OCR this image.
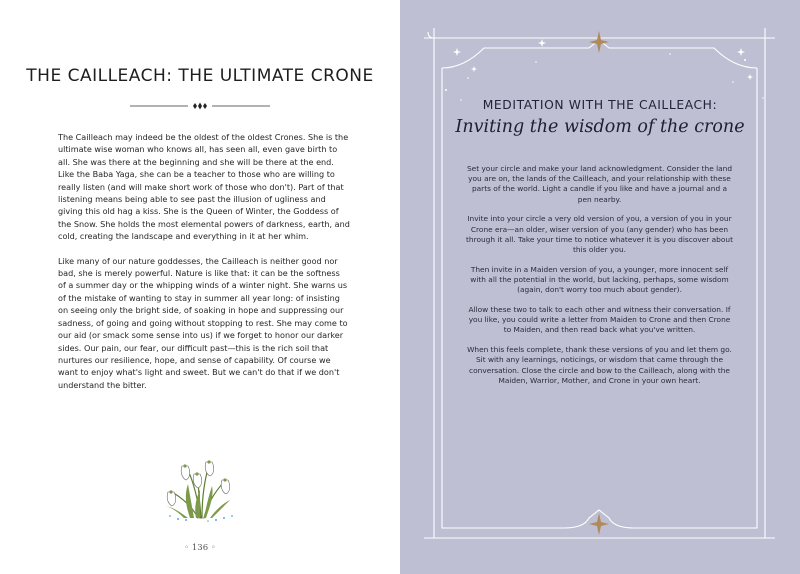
THE CAILLEACH: THE ULTIMATE CRONE

The Cailleach may indeed be the oldest of the oldest Crones. She is the ultimate wise woman who knows all, has seen all, even gave birth to all. She was there at the beginning and she will be there at the end. Like the Baba Yaga, she can be a teacher to those who are willing to really listen (and will make short work of those who don't). Part of that listening means being able to see past the illusion of ugliness and giving this old hag a kiss. She is the Queen of Winter, the Goddess of the Snow. She holds the most elemental powers of darkness, earth, and cold, creating the landscape and everything in it at her whim.

Like many of our nature goddesses, the Cailleach is neither good nor bad, she is merely powerful. Nature is like that: it can be the softness of a summer day or the whipping winds of a winter night. She warns us of the mistake of wanting to stay in summer all year long: of insisting on seeing only the bright side, of soaking in hope and suppressing our sadness, of going and going without stopping to rest. She may come to our aid (or smack some sense into us) if we forget to honor our darker sides. Our pain, our fear, our difficult past—this is the rich soil that nurtures our resilience, hope, and sense of capability. Of course we want to enjoy what's light and sweet. But we can't do that if we don't understand the bitter.

◦ 136 ◦
MEDITATION WITH THE CAILLEACH:
Inviting the wisdom of the crone

Set your circle and make your land acknowledgment. Consider the land you are on, the lands of the Cailleach, and your relationship with these parts of the world. Light a candle if you like and have a journal and a pen nearby.

Invite into your circle a very old version of you, a version of you in your Crone era—an older, wiser version of you (any gender) who has been through it all. Take your time to notice whatever it is you discover about this older you.

Then invite in a Maiden version of you, a younger, more innocent self with all the potential in the world, but lacking, perhaps, some wisdom (again, don't worry too much about gender).

Allow these two to talk to each other and witness their conversation. If you like, you could write a letter from Maiden to Crone and then Crone to Maiden, and then read back what you've written.

When this feels complete, thank these versions of you and let them go. Sit with any learnings, noticings, or wisdom that came through the conversation. Close the circle and bow to the Cailleach, along with the Maiden, Warrior, Mother, and Crone in your own heart.
